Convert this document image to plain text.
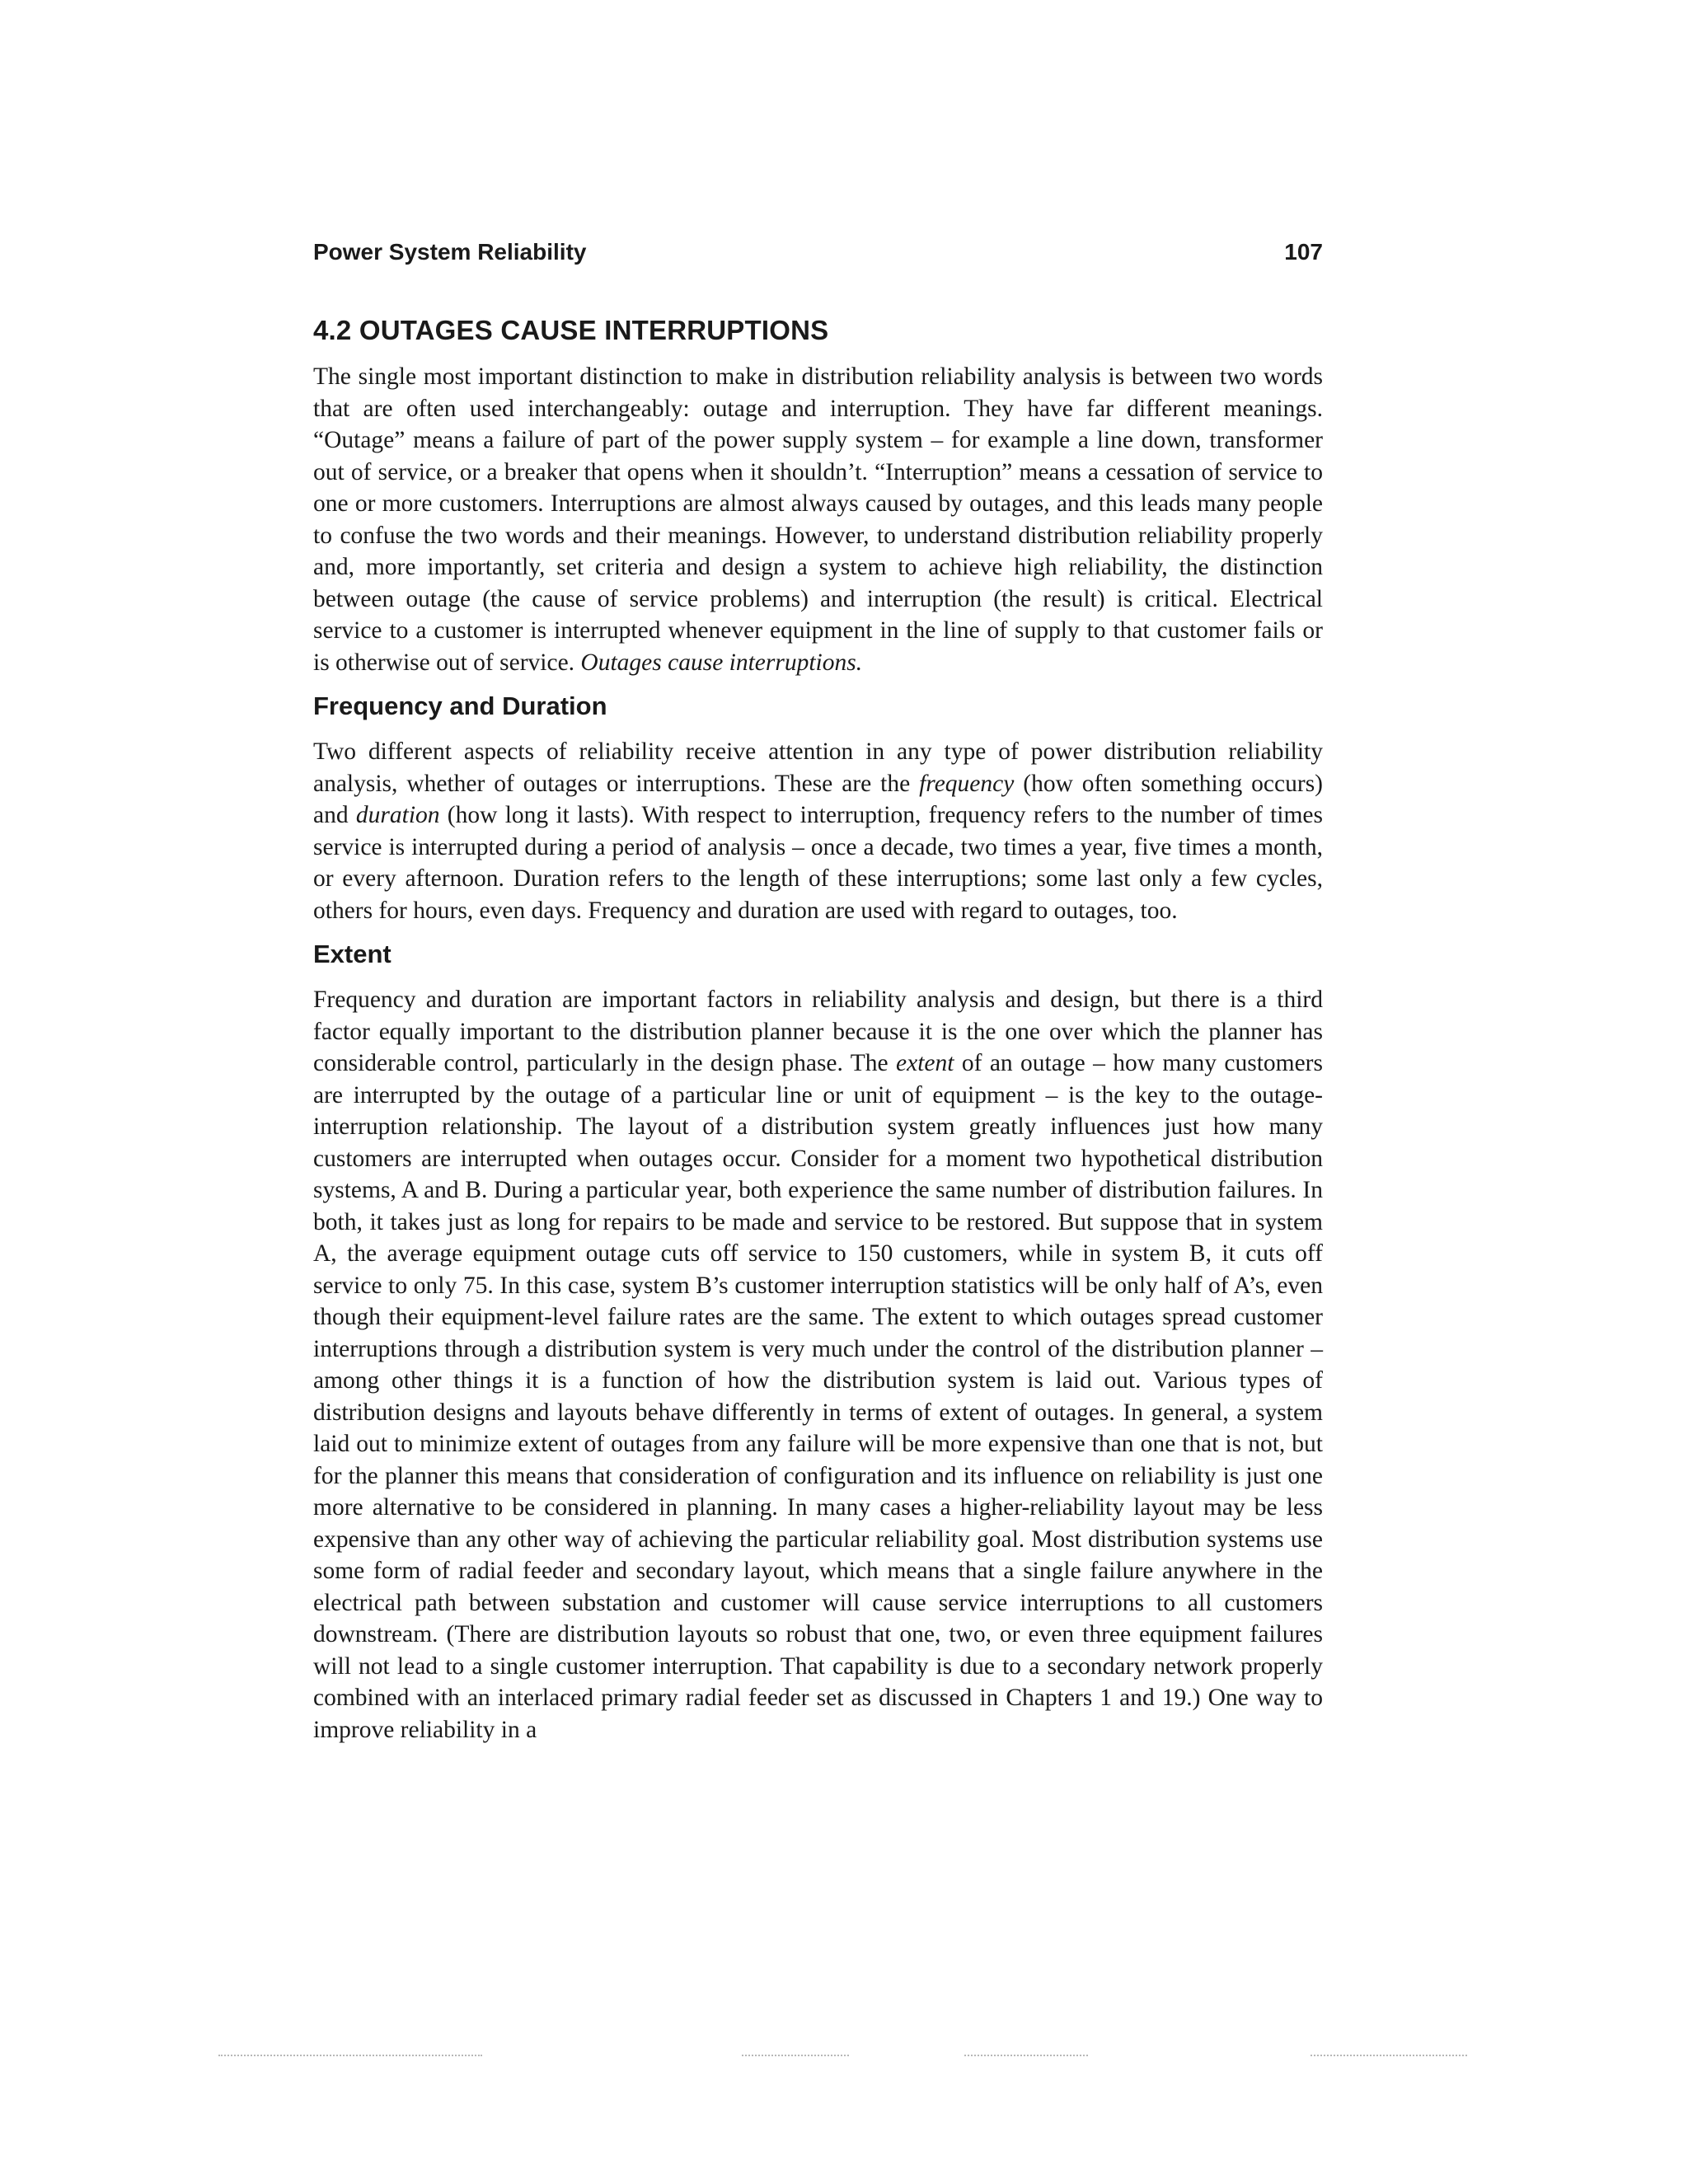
Power System Reliability	107
4.2 OUTAGES CAUSE INTERRUPTIONS

The single most important distinction to make in distribution reliability analysis is between two words that are often used interchangeably: outage and interruption. They have far different meanings. “Outage” means a failure of part of the power supply system – for example a line down, transformer out of service, or a breaker that opens when it shouldn’t. “Interruption” means a cessation of service to one or more customers. Interruptions are almost always caused by outages, and this leads many people to confuse the two words and their meanings. However, to understand distribution reliability properly and, more importantly, set criteria and design a system to achieve high reliability, the distinction between outage (the cause of service problems) and interruption (the result) is critical. Electrical service to a customer is interrupted whenever equipment in the line of supply to that customer fails or is otherwise out of service. Outages cause interruptions.

Frequency and Duration

Two different aspects of reliability receive attention in any type of power distribution reliability analysis, whether of outages or interruptions. These are the frequency (how often something occurs) and duration (how long it lasts). With respect to interruption, frequency refers to the number of times service is interrupted during a period of analysis – once a decade, two times a year, five times a month, or every afternoon. Duration refers to the length of these interruptions; some last only a few cycles, others for hours, even days. Frequency and duration are used with regard to outages, too.

Extent

Frequency and duration are important factors in reliability analysis and design, but there is a third factor equally important to the distribution planner because it is the one over which the planner has considerable control, particularly in the design phase. The extent of an outage – how many customers are interrupted by the outage of a particular line or unit of equipment – is the key to the outage-interruption relationship. The layout of a distribution system greatly influences just how many customers are interrupted when outages occur. Consider for a moment two hypothetical distribution systems, A and B. During a particular year, both experience the same number of distribution failures. In both, it takes just as long for repairs to be made and service to be restored. But suppose that in system A, the average equipment outage cuts off service to 150 customers, while in system B, it cuts off service to only 75. In this case, system B’s customer interruption statistics will be only half of A’s, even though their equipment-level failure rates are the same. The extent to which outages spread customer interruptions through a distribution system is very much under the control of the distribution planner – among other things it is a function of how the distribution system is laid out. Various types of distribution designs and layouts behave differently in terms of extent of outages. In general, a system laid out to minimize extent of outages from any failure will be more expensive than one that is not, but for the planner this means that consideration of configuration and its influence on reliability is just one more alternative to be considered in planning. In many cases a higher-reliability layout may be less expensive than any other way of achieving the particular reliability goal. Most distribution systems use some form of radial feeder and secondary layout, which means that a single failure anywhere in the electrical path between substation and customer will cause service interruptions to all customers downstream. (There are distribution layouts so robust that one, two, or even three equipment failures will not lead to a single customer interruption. That capability is due to a secondary network properly combined with an interlaced primary radial feeder set as discussed in Chapters 1 and 19.) One way to improve reliability in a
